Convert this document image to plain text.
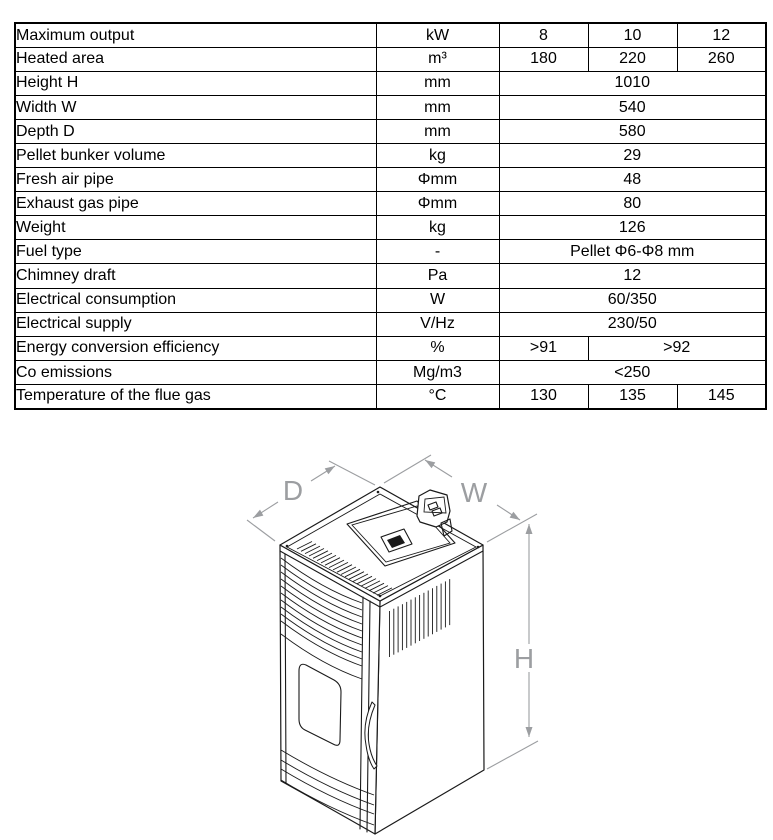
Maximum output	kW	8	10	12
Heated area	m³	180	220	260
Height H	mm	1010		
Width W	mm	540		
Depth D	mm	580		
Pellet bunker volume	kg	29		
Fresh air pipe	Φmm	48		
Exhaust gas pipe	Φmm	80		
Weight	kg	126		
Fuel type	-	Pellet Φ6-Φ8 mm		
Chimney draft	Pa	12		
Electrical consumption	W	60/350		
Electrical supply	V/Hz	230/50		
Energy conversion efficiency	%	>91	>92	
Co emissions	Mg/m3	<250		
Temperature of the flue gas	°C	130	135	145
D	W
H
